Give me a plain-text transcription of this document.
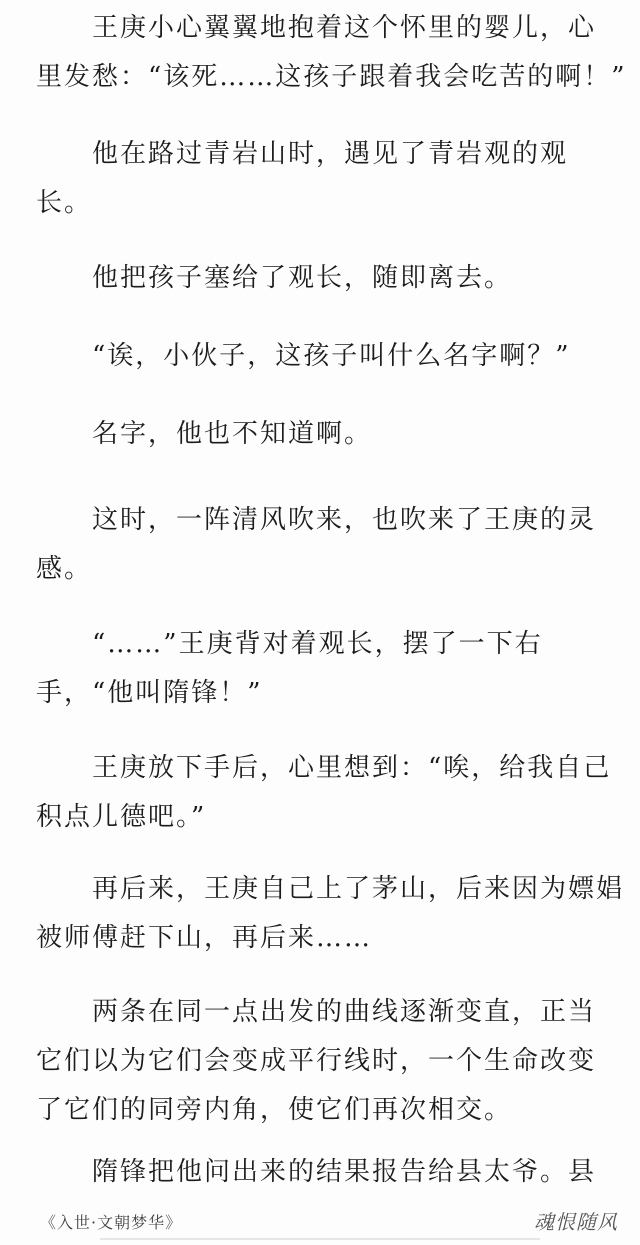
　　王庚小心翼翼地抱着这个怀里的婴儿，心
里发愁：“该死……这孩子跟着我会吃苦的啊！”

　　他在路过青岩山时，遇见了青岩观的观
长。

　　他把孩子塞给了观长，随即离去。

　　“诶，小伙子，这孩子叫什么名字啊？”

　　名字，他也不知道啊。

　　这时，一阵清风吹来，也吹来了王庚的灵
感。

　　“……”王庚背对着观长，摆了一下右
手，“他叫隋锋！”

　　王庚放下手后，心里想到：“唉，给我自己
积点儿德吧。”

　　再后来，王庚自己上了茅山，后来因为嫖娼
被师傅赶下山，再后来……

　　两条在同一点出发的曲线逐渐变直，正当
它们以为它们会变成平行线时，一个生命改变
了它们的同旁内角，使它们再次相交。

　　隋锋把他问出来的结果报告给县太爷。县

《入世·文朝梦华》	魂恨随风
